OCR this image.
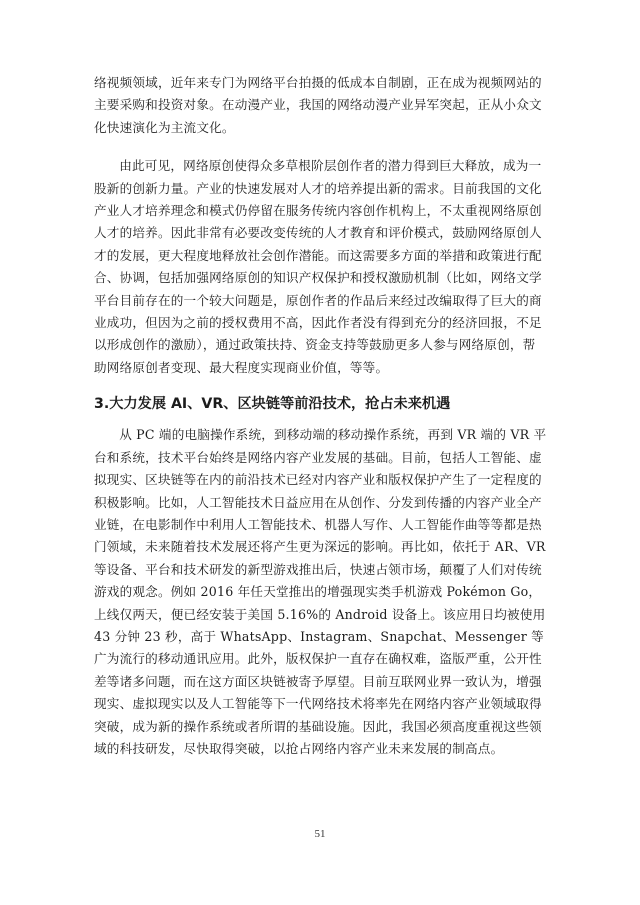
络视频领域，近年来专门为网络平台拍摄的低成本自制剧，正在成为视频网站的主要采购和投资对象。在动漫产业，我国的网络动漫产业异军突起，正从小众文化快速演化为主流文化。

由此可见，网络原创使得众多草根阶层创作者的潜力得到巨大释放，成为一股新的创新力量。产业的快速发展对人才的培养提出新的需求。目前我国的文化产业人才培养理念和模式仍停留在服务传统内容创作机构上，不太重视网络原创人才的培养。因此非常有必要改变传统的人才教育和评价模式，鼓励网络原创人才的发展，更大程度地释放社会创作潜能。而这需要多方面的举措和政策进行配合、协调，包括加强网络原创的知识产权保护和授权激励机制（比如，网络文学平台目前存在的一个较大问题是，原创作者的作品后来经过改编取得了巨大的商业成功，但因为之前的授权费用不高，因此作者没有得到充分的经济回报，不足以形成创作的激励），通过政策扶持、资金支持等鼓励更多人参与网络原创，帮助网络原创者变现、最大程度实现商业价值，等等。

3.大力发展 AI、VR、区块链等前沿技术，抢占未来机遇

从 PC 端的电脑操作系统，到移动端的移动操作系统，再到 VR 端的 VR 平台和系统，技术平台始终是网络内容产业发展的基础。目前，包括人工智能、虚拟现实、区块链等在内的前沿技术已经对内容产业和版权保护产生了一定程度的积极影响。比如，人工智能技术日益应用在从创作、分发到传播的内容产业全产业链，在电影制作中利用人工智能技术、机器人写作、人工智能作曲等等都是热门领域，未来随着技术发展还将产生更为深远的影响。再比如，依托于 AR、VR 等设备、平台和技术研发的新型游戏推出后，快速占领市场，颠覆了人们对传统游戏的观念。例如 2016 年任天堂推出的增强现实类手机游戏 Pokémon Go，上线仅两天，便已经安装于美国 5.16%的 Android 设备上。该应用日均被使用 43 分钟 23 秒，高于 WhatsApp、Instagram、Snapchat、Messenger 等广为流行的移动通讯应用。此外，版权保护一直存在确权难，盗版严重，公开性差等诸多问题，而在这方面区块链被寄予厚望。目前互联网业界一致认为，增强现实、虚拟现实以及人工智能等下一代网络技术将率先在网络内容产业领域取得突破，成为新的操作系统或者所谓的基础设施。因此，我国必须高度重视这些领域的科技研发，尽快取得突破，以抢占网络内容产业未来发展的制高点。

51
